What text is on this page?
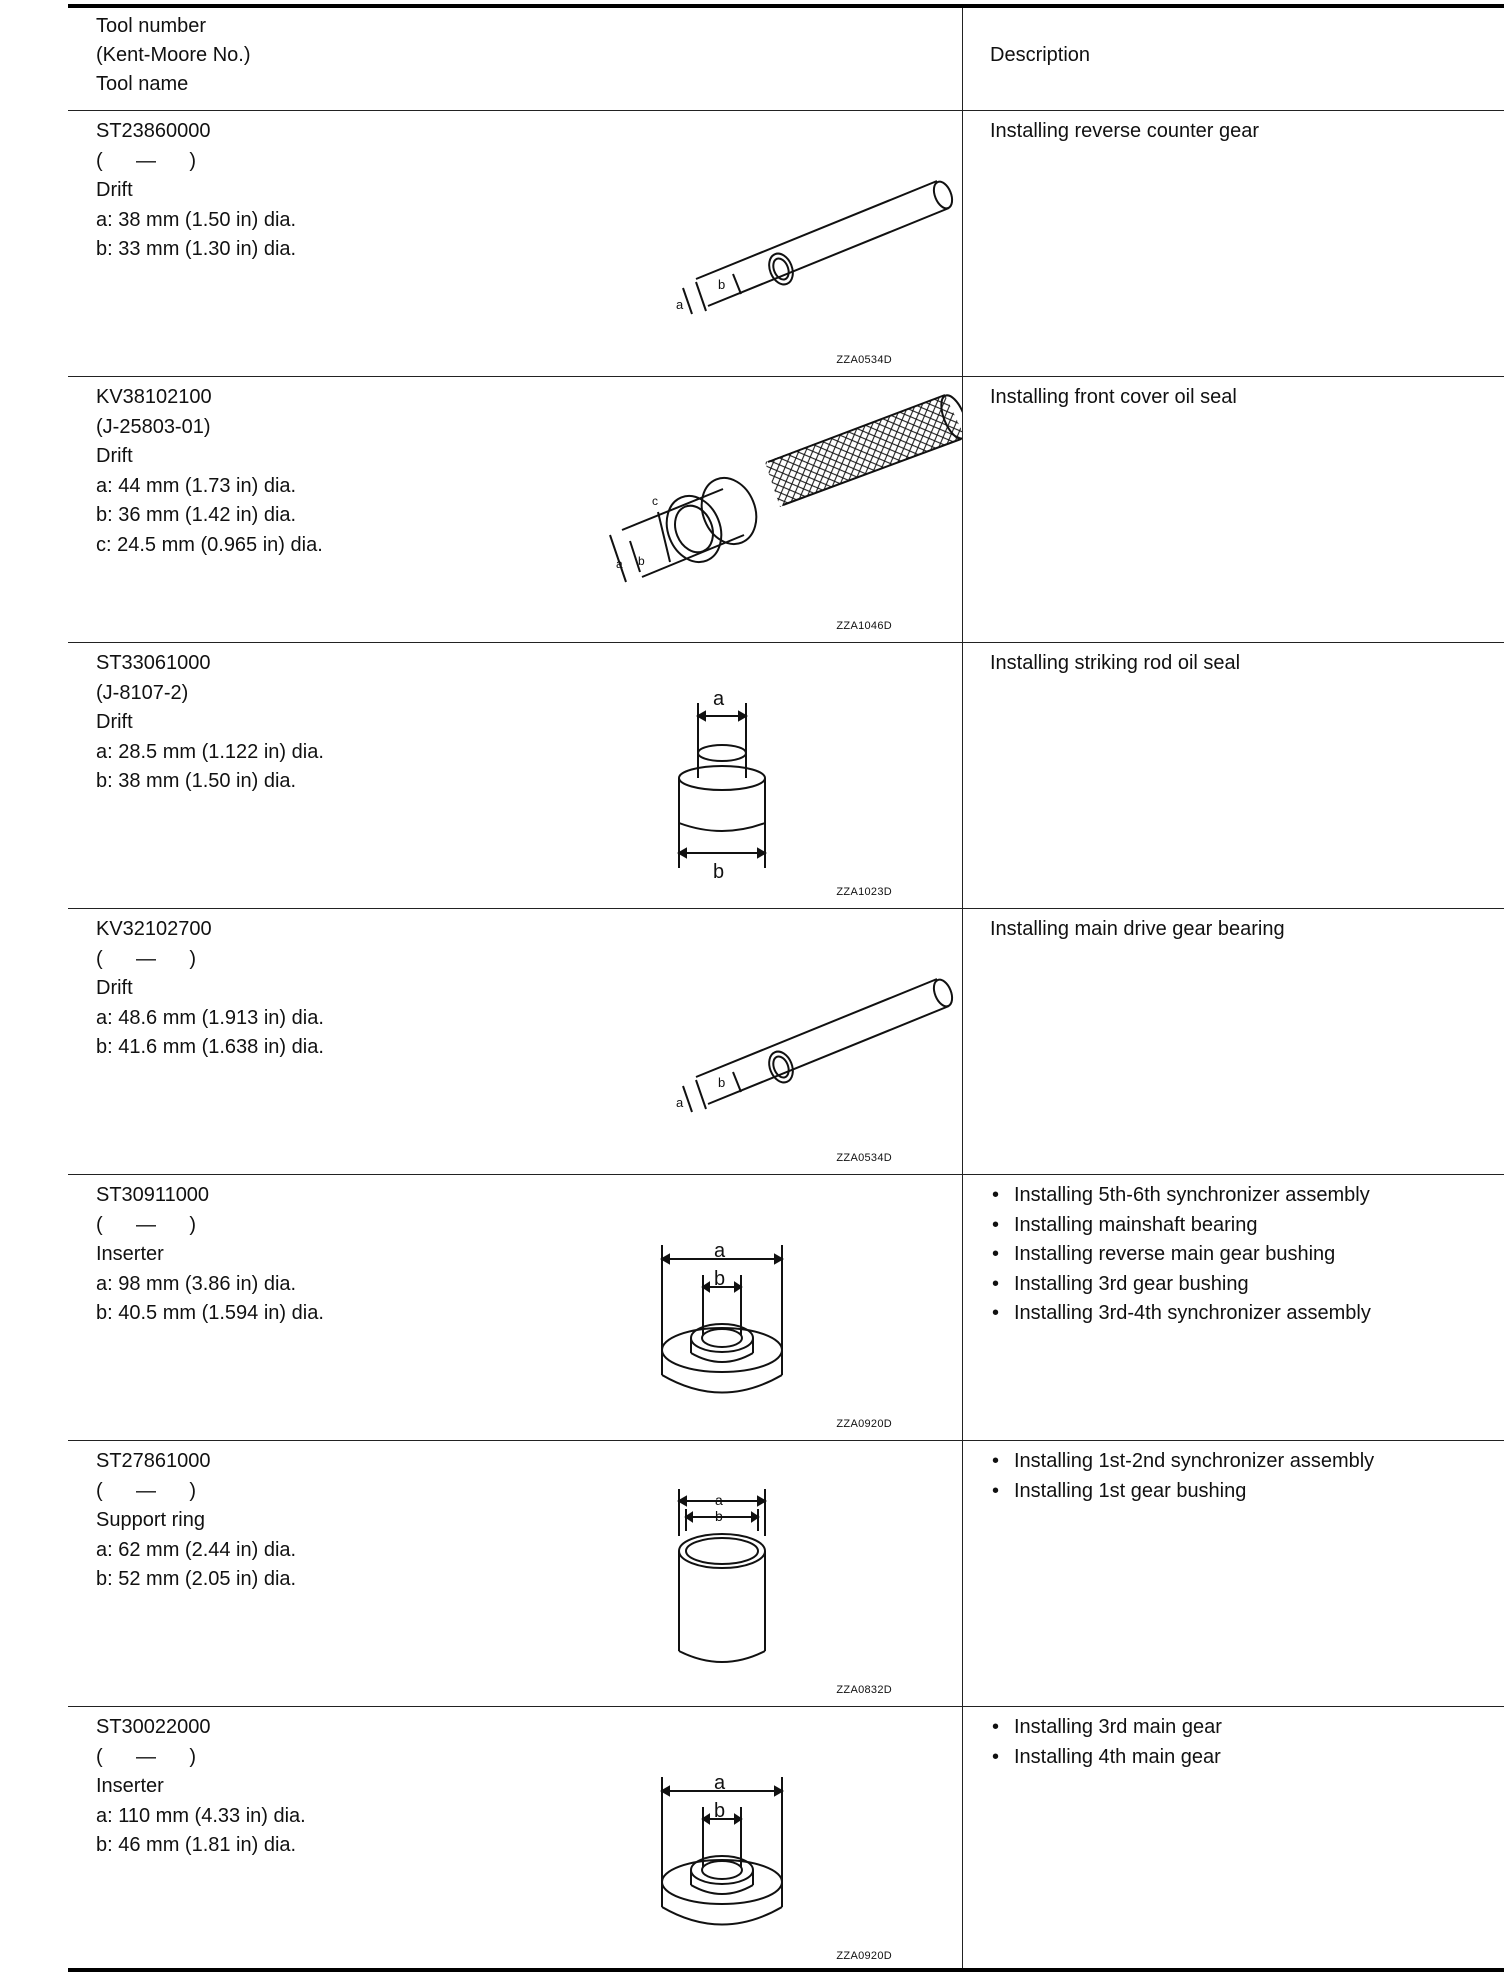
Tool number
(Kent-Moore No.)
Tool name
Description
ST23860000
(      —      )
Drift
a: 38 mm (1.50 in) dia.
b: 33 mm (1.30 in) dia.
a
b
ZZA0534D
Installing reverse counter gear
KV38102100
(J-25803-01)
Drift
a: 44 mm (1.73 in) dia.
b: 36 mm (1.42 in) dia.
c: 24.5 mm (0.965 in) dia.
a b
c
ZZA1046D
Installing front cover oil seal
ST33061000
(J-8107-2)
Drift
a: 28.5 mm (1.122 in) dia.
b: 38 mm (1.50 in) dia.
a
b
ZZA1023D
Installing striking rod oil seal
KV32102700
(      —      )
Drift
a: 48.6 mm (1.913 in) dia.
b: 41.6 mm (1.638 in) dia.
a
b
ZZA0534D
Installing main drive gear bearing
ST30911000
(      —      )
Inserter
a: 98 mm (3.86 in) dia.
b: 40.5 mm (1.594 in) dia.
a
b
ZZA0920D
• Installing 5th-6th synchronizer assembly
• Installing mainshaft bearing
• Installing reverse main gear bushing
• Installing 3rd gear bushing
• Installing 3rd-4th synchronizer assembly
ST27861000
(      —      )
Support ring
a: 62 mm (2.44 in) dia.
b: 52 mm (2.05 in) dia.
a
b
ZZA0832D
• Installing 1st-2nd synchronizer assembly
• Installing 1st gear bushing
ST30022000
(      —      )
Inserter
a: 110 mm (4.33 in) dia.
b: 46 mm (1.81 in) dia.
a
b
ZZA0920D
• Installing 3rd main gear
• Installing 4th main gear
